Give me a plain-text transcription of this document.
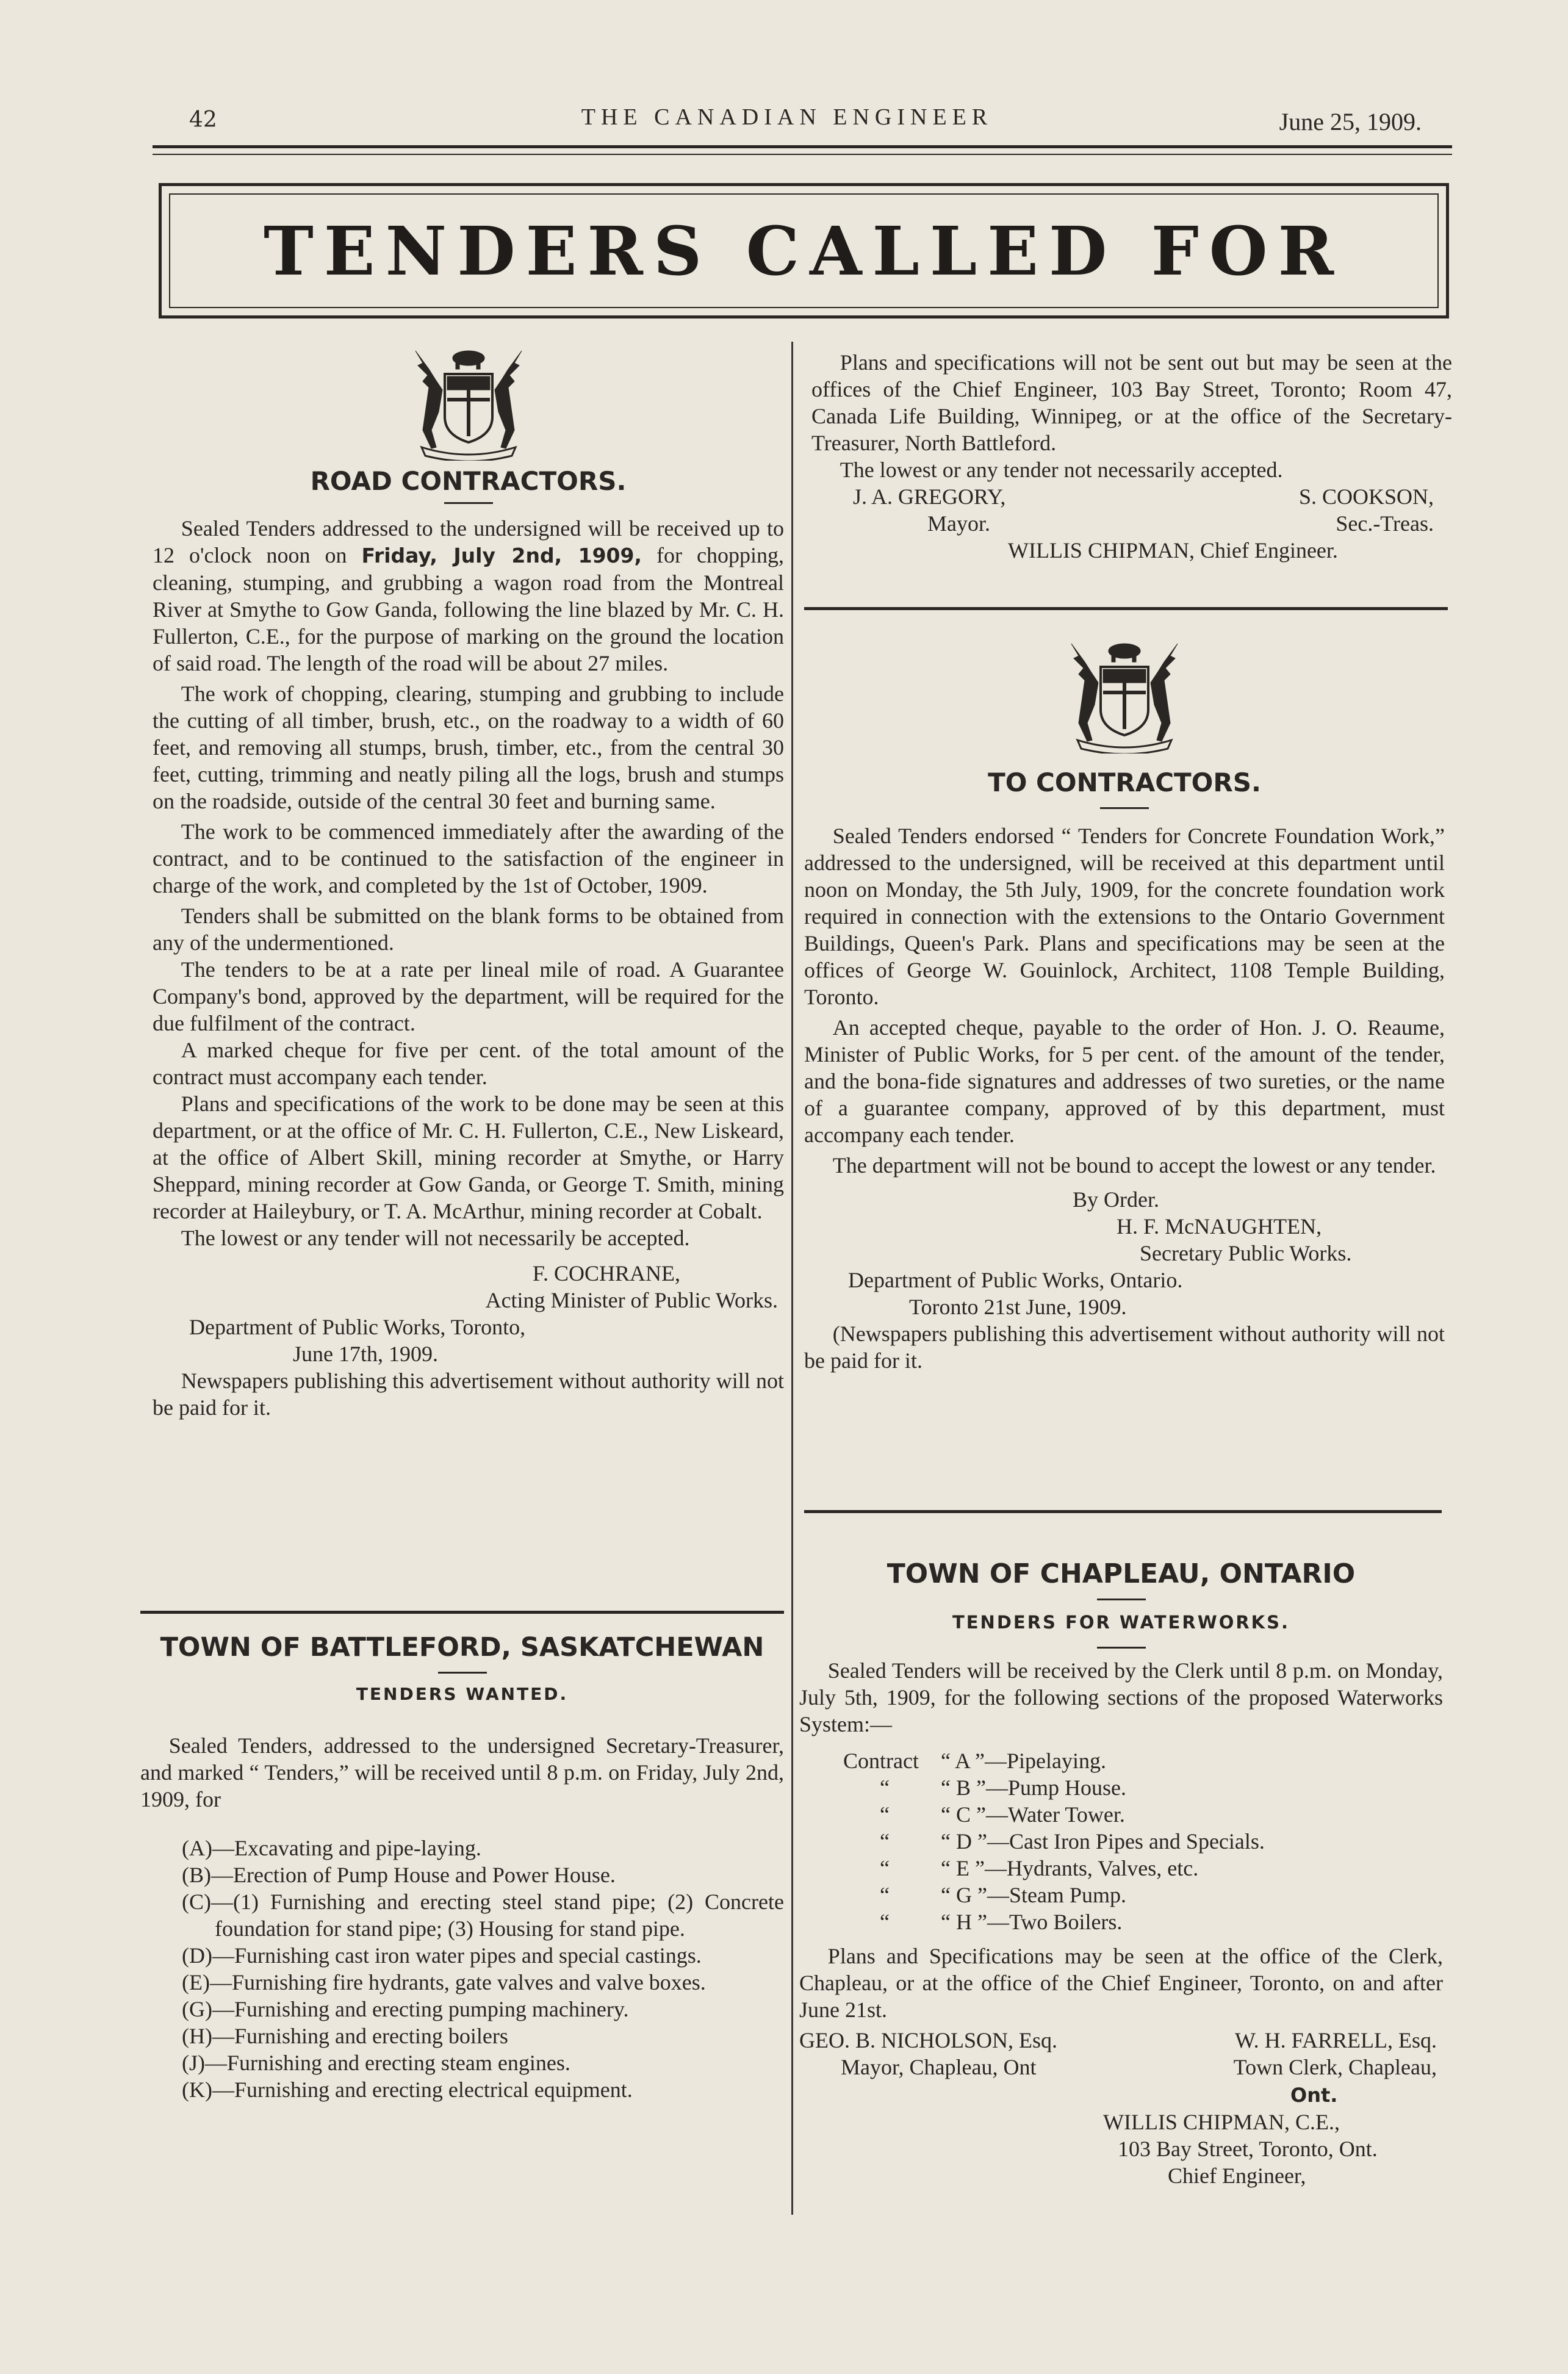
42	THE CANADIAN ENGINEER	June 25, 1909.
TENDERS CALLED FOR
ROAD CONTRACTORS.

Sealed Tenders addressed to the undersigned will be received up to 12 o'clock noon on Friday, July 2nd, 1909, for chopping, cleaning, stumping, and grubbing a wagon road from the Montreal River at Smythe to Gow Ganda, following the line blazed by Mr. C. H. Fullerton, C.E., for the purpose of marking on the ground the location of said road. The length of the road will be about 27 miles.

The work of chopping, clearing, stumping and grubbing to include the cutting of all timber, brush, etc., on the roadway to a width of 60 feet, and removing all stumps, brush, timber, etc., from the central 30 feet, cutting, trimming and neatly piling all the logs, brush and stumps on the roadside, outside of the central 30 feet and burning same.

The work to be commenced immediately after the awarding of the contract, and to be continued to the satisfaction of the engineer in charge of the work, and completed by the 1st of October, 1909.

Tenders shall be submitted on the blank forms to be obtained from any of the undermentioned.

The tenders to be at a rate per lineal mile of road. A Guarantee Company's bond, approved by the department, will be required for the due fulfilment of the contract.

A marked cheque for five per cent. of the total amount of the contract must accompany each tender.

Plans and specifications of the work to be done may be seen at this department, or at the office of Mr. C. H. Fullerton, C.E., New Liskeard, at the office of Albert Skill, mining recorder at Smythe, or Harry Sheppard, mining recorder at Gow Ganda, or George T. Smith, mining recorder at Haileybury, or T. A. McArthur, mining recorder at Cobalt.

The lowest or any tender will not necessarily be accepted.

F. COCHRANE,
Acting Minister of Public Works.
Department of Public Works, Toronto,
June 17th, 1909.

Newspapers publishing this advertisement without authority will not be paid for it.

TOWN OF BATTLEFORD, SASKATCHEWAN
TENDERS WANTED.

Sealed Tenders, addressed to the undersigned Secretary-Treasurer, and marked “ Tenders,” will be received until 8 p.m. on Friday, July 2nd, 1909, for

(A)—Excavating and pipe-laying.

(B)—Erection of Pump House and Power House.

(C)—(1) Furnishing and erecting steel stand pipe; (2) Concrete foundation for stand pipe; (3) Housing for stand pipe.

(D)—Furnishing cast iron water pipes and special castings.

(E)—Furnishing fire hydrants, gate valves and valve boxes.

(G)—Furnishing and erecting pumping machinery.

(H)—Furnishing and erecting boilers

(J)—Furnishing and erecting steam engines.

(K)—Furnishing and erecting electrical equipment.

Plans and specifications will not be sent out but may be seen at the offices of the Chief Engineer, 103 Bay Street, Toronto; Room 47, Canada Life Building, Winnipeg, or at the office of the Secretary-Treasurer, North Battleford.

The lowest or any tender not necessarily accepted.

J. A. GREGORY,
Mayor.
S. COOKSON,
Sec.-Treas.
WILLIS CHIPMAN, Chief Engineer.
TO CONTRACTORS.

Sealed Tenders endorsed “ Tenders for Concrete Foundation Work,” addressed to the undersigned, will be received at this department until noon on Monday, the 5th July, 1909, for the concrete foundation work required in connection with the extensions to the Ontario Government Buildings, Queen's Park. Plans and specifications may be seen at the offices of George W. Gouinlock, Architect, 1108 Temple Building, Toronto.

An accepted cheque, payable to the order of Hon. J. O. Reaume, Minister of Public Works, for 5 per cent. of the amount of the tender, and the bona-fide signatures and addresses of two sureties, or the name of a guarantee company, approved of by this department, must accompany each tender.

The department will not be bound to accept the lowest or any tender.

By Order.
H. F. McNAUGHTEN,
Secretary Public Works.
Department of Public Works, Ontario.
Toronto 21st June, 1909.

(Newspapers publishing this advertisement without authority will not be paid for it.

TOWN OF CHAPLEAU, ONTARIO
TENDERS FOR WATERWORKS.

Sealed Tenders will be received by the Clerk until 8 p.m. on Monday, July 5th, 1909, for the following sections of the proposed Waterworks System:—

Contract	“ A ”—Pipelaying.
“	“ B ”—Pump House.
“	“ C ”—Water Tower.
“	“ D ”—Cast Iron Pipes and Specials.
“	“ E ”—Hydrants, Valves, etc.
“	“ G ”—Steam Pump.
“	“ H ”—Two Boilers.

Plans and Specifications may be seen at the office of the Clerk, Chapleau, or at the office of the Chief Engineer, Toronto, on and after June 21st.

GEO. B. NICHOLSON, Esq.
Mayor, Chapleau, Ont
W. H. FARRELL, Esq.
Town Clerk, Chapleau,
Ont.
WILLIS CHIPMAN, C.E.,
103 Bay Street, Toronto, Ont.
Chief Engineer,
